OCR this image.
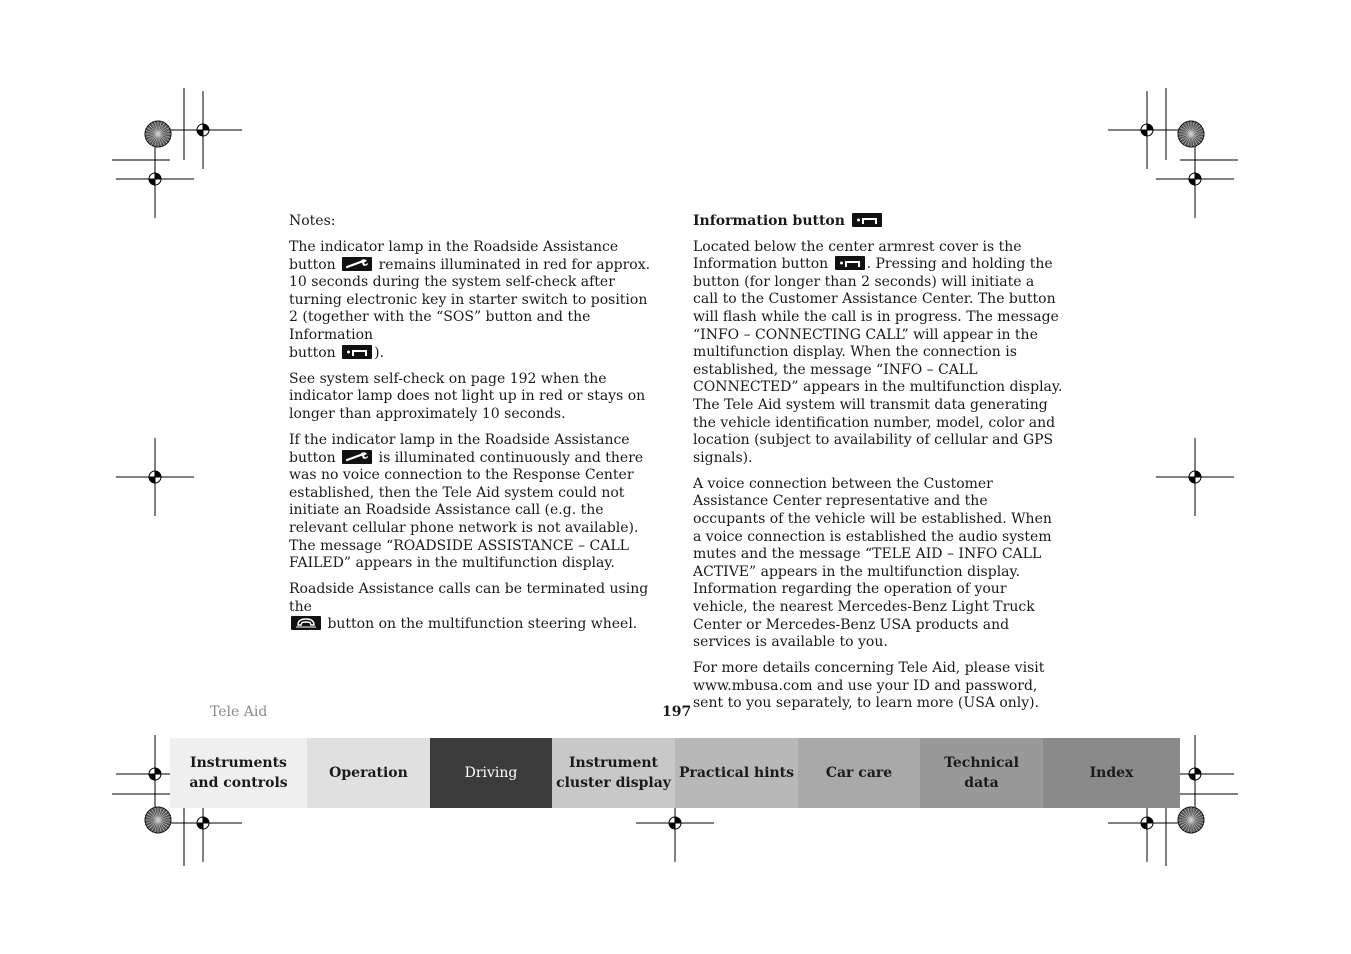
Notes:

The indicator lamp in the Roadside Assistance
button	remains illuminated in red for approx. 10 seconds during the system self-check after turning electronic key in starter switch to position 2 (together with the “SOS” button and the Information
button	).

See system self-check on page 192 when the indicator lamp does not light up in red or stays on longer than approximately 10 seconds.

If the indicator lamp in the Roadside Assistance
button	is illuminated continuously and there was no voice connection to the Response Center established, then the Tele Aid system could not initiate an Roadside Assistance call (e.g. the relevant cellular phone network is not available). The message “ROADSIDE ASSISTANCE – CALL FAILED” appears in the multifunction display.

Roadside Assistance calls can be terminated using the

button on the multifunction steering wheel.

Information button

Located below the center armrest cover is the Information button	. Pressing and holding the button (for longer than 2 seconds) will initiate a call to the Customer Assistance Center. The button will flash while the call is in progress. The message “INFO – CONNECTING CALL” will appear in the multifunction display. When the connection is established, the message “INFO – CALL CONNECTED” appears in the multifunction display. The Tele Aid system will transmit data generating the vehicle identification number, model, color and location (subject to availability of cellular and GPS signals).

A voice connection between the Customer Assistance Center representative and the occupants of the vehicle will be established. When a voice connection is established the audio system mutes and the message “TELE AID – INFO CALL ACTIVE” appears in the multifunction display. Information regarding the operation of your vehicle, the nearest Mercedes-Benz Light Truck Center or Mercedes-Benz USA products and services is available to you.

For more details concerning Tele Aid, please visit www.mbusa.com and use your ID and password, sent to you separately, to learn more (USA only).

Tele Aid	197
Instruments
and controls
Operation	Driving
Instrument
cluster display
Practical hints	Car care
Technical
data
Index
